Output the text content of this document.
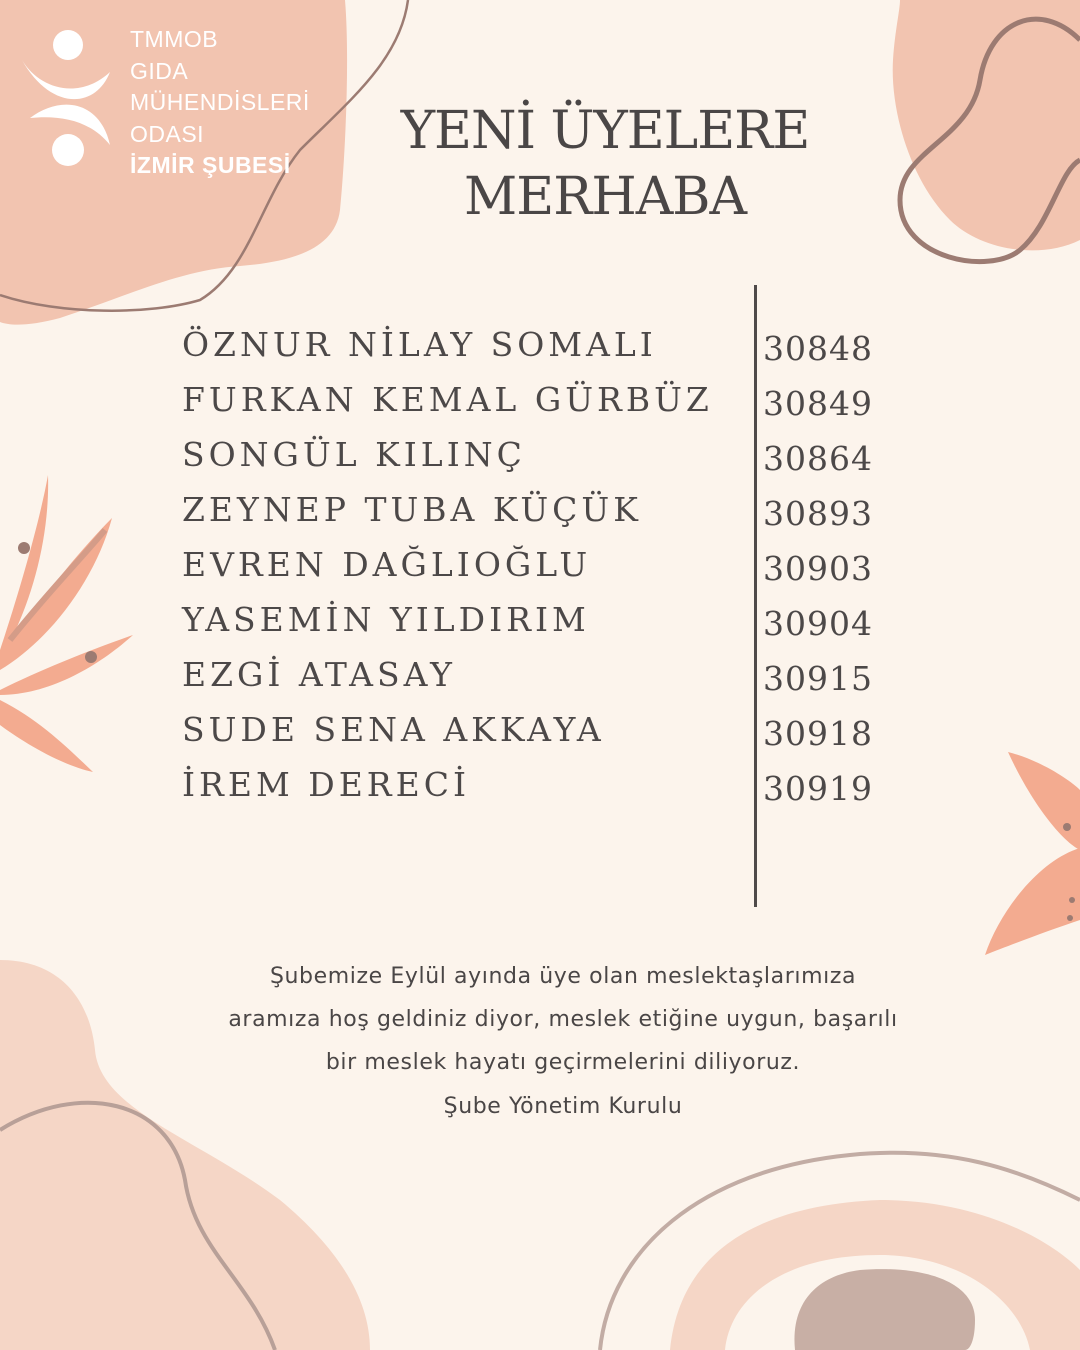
TMMOB
GIDA
MÜHENDİSLERİ
ODASI
İZMİR ŞUBESİ
YENİ ÜYELERE
MERHABA
ÖZNUR NİLAY SOMALI
FURKAN KEMAL GÜRBÜZ
SONGÜL KILINÇ
ZEYNEP TUBA KÜÇÜK
EVREN DAĞLIOĞLU
YASEMİN YILDIRIM
EZGİ ATASAY
SUDE SENA AKKAYA
İREM DERECİ
30848
30849
30864
30893
30903
30904
30915
30918
30919
Şubemize Eylül ayında üye olan meslektaşlarımıza
aramıza hoş geldiniz diyor, meslek etiğine uygun, başarılı
bir meslek hayatı geçirmelerini diliyoruz.
Şube Yönetim Kurulu
